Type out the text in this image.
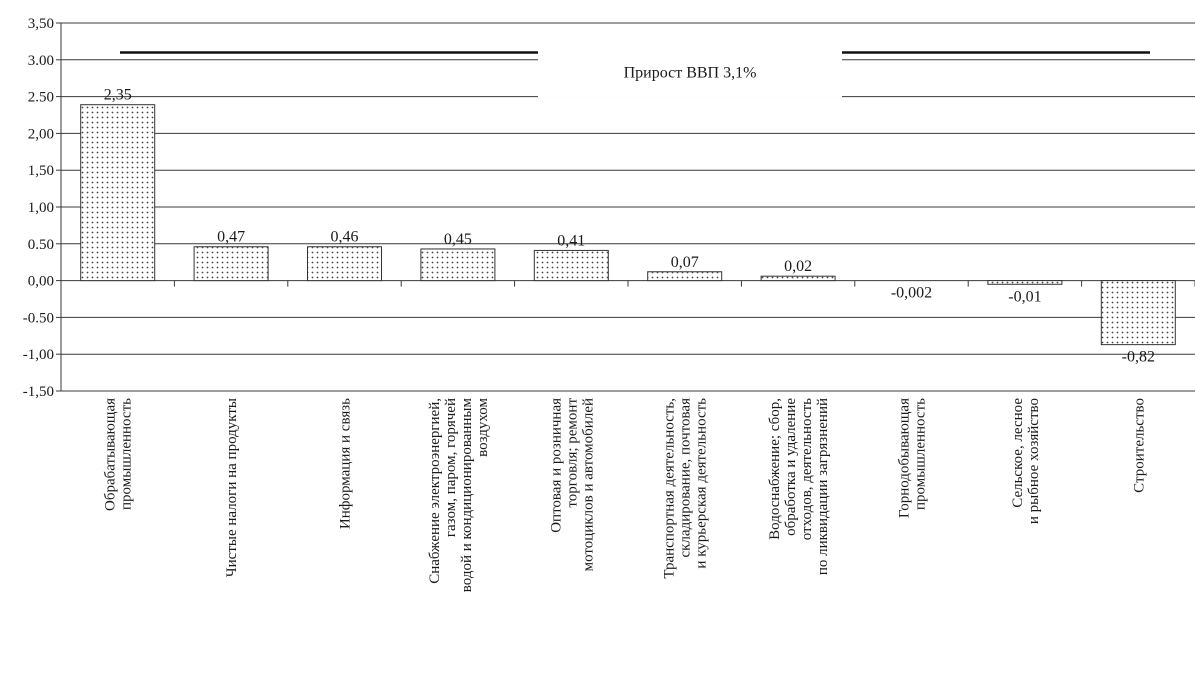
3,50
3.00
2.50
2,00
1,50
1,00
0.50
0,00
-0.50
-1,00
-1,50
Прирост ВВП 3,1%
2,35
0,47	0,46	0,45	0,41
0,07	0,02
-0,002	-0,01
-0,82
Обрабатывающая промышленность	Чистые налоги на продукты	Информация и связь	Снабжение электроэнергией, газом, паром, горячей водой и кондиционированным воздухом	Оптовая и розничная торговля; ремонт мотоциклов и автомобилей	Транспортная деятельность, складирование, почтовая и курьерская деятельность	Водоснабжение; сбор, обработка и удаление отходов, деятельность по ликвидации загрязнений	Горнодобывающая промышленность	Сельское, лесное и рыбное хозяйство	Строительство
